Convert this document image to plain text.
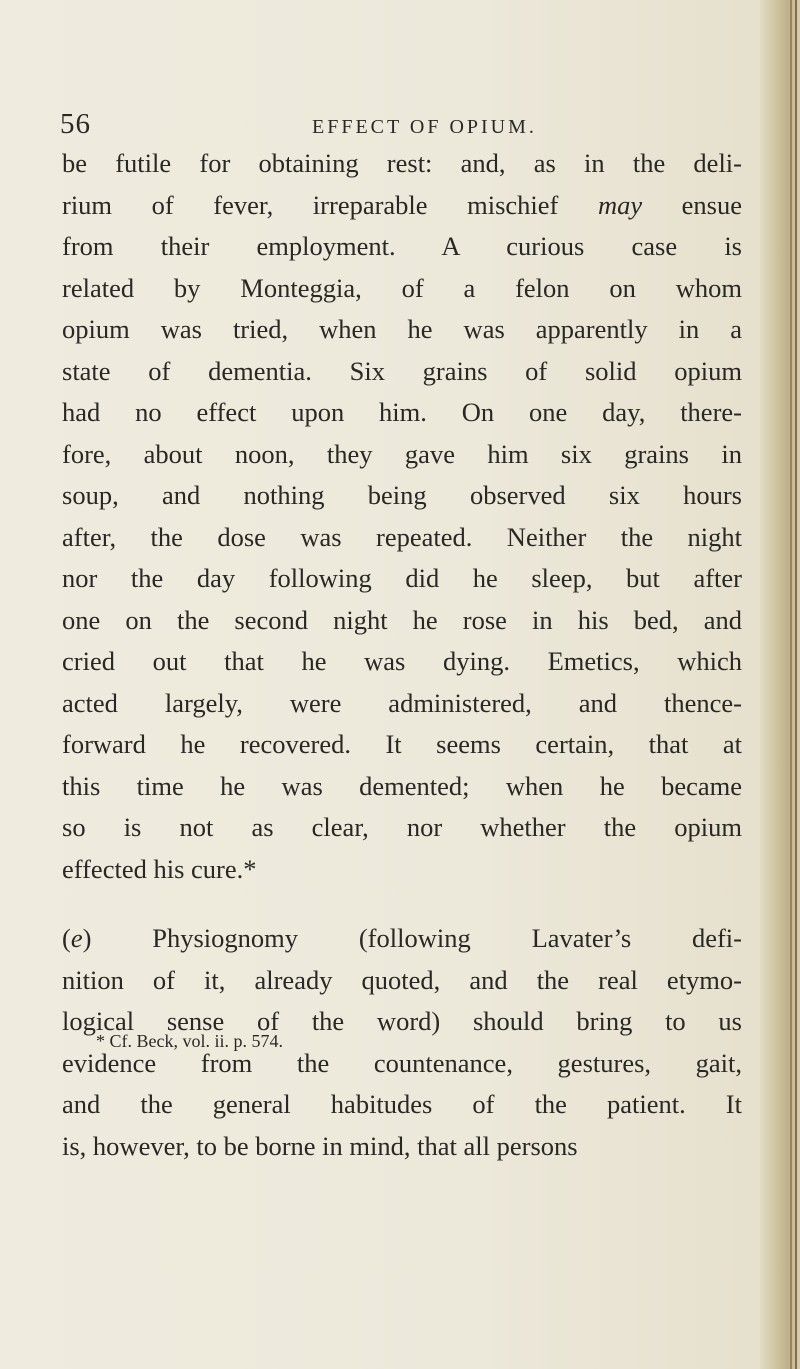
56	EFFECT OF OPIUM.
be futile for obtaining rest: and, as in the deli-
rium of fever, irreparable mischief may ensue
from their employment. A curious case is
related by Monteggia, of a felon on whom
opium was tried, when he was apparently in a
state of dementia. Six grains of solid opium
had no effect upon him. On one day, there-
fore, about noon, they gave him six grains in
soup, and nothing being observed six hours
after, the dose was repeated. Neither the night
nor the day following did he sleep, but after
one on the second night he rose in his bed, and
cried out that he was dying. Emetics, which
acted largely, were administered, and thence-
forward he recovered. It seems certain, that at
this time he was demented; when he became
so is not as clear, nor whether the opium
effected his cure.*
(e) Physiognomy (following Lavater’s defi-
nition of it, already quoted, and the real etymo-
logical sense of the word) should bring to us
evidence from the countenance, gestures, gait,
and the general habitudes of the patient. It
is, however, to be borne in mind, that all persons
* Cf. Beck, vol. ii. p. 574.
